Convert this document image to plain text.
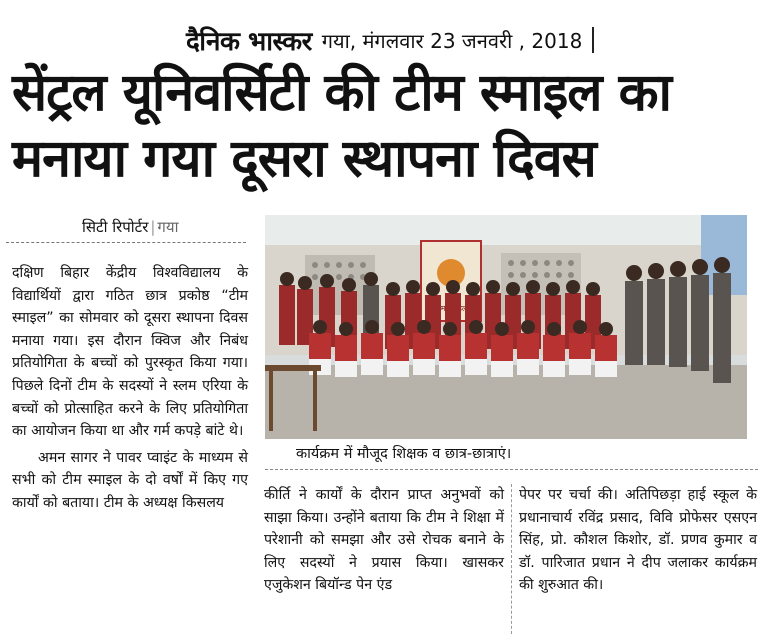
दैनिक भास्कर गया, मंगलवार 23 जनवरी , 2018
सेंट्रल यूनिवर्सिटी की टीम स्माइल का
मनाया गया दूसरा स्थापना दिवस
सिटी रिपोर्टर | गया

दक्षिण बिहार केंद्रीय विश्वविद्यालय के विद्यार्थियों द्वारा गठित छात्र प्रकोष्ठ “टीम स्माइल” का सोमवार को दूसरा स्थापना दिवस मनाया गया। इस दौरान क्विज और निबंध प्रतियोगिता के बच्चों को पुरस्कृत किया गया। पिछले दिनों टीम के सदस्यों ने स्लम एरिया के बच्चों को प्रोत्साहित करने के लिए प्रतियोगिता का आयोजन किया था और गर्म कपड़े बांटे थे।

अमन सागर ने पावर प्वाइंट के माध्यम से सभी को टीम स्माइल के दो वर्षों में किए गए कार्यों को बताया। टीम के अध्यक्ष किसलय

कार्यक्रम में मौजूद शिक्षक व छात्र-छात्राएं।

कीर्ति ने कार्यों के दौरान प्राप्त अनुभवों को साझा किया। उन्होंने बताया कि टीम ने शिक्षा में परेशानी को समझा और उसे रोचक बनाने के लिए सदस्यों ने प्रयास किया। खासकर एजुकेशन बियॉन्ड पेन एंड

पेपर पर चर्चा की। अतिपिछड़ा हाई स्कूल के प्रधानाचार्य रविंद्र प्रसाद, विवि प्रोफेसर एसएन सिंह, प्रो. कौशल किशोर, डॉ. प्रणव कुमार व डॉ. पारिजात प्रधान ने दीप जलाकर कार्यक्रम की शुरुआत की।
